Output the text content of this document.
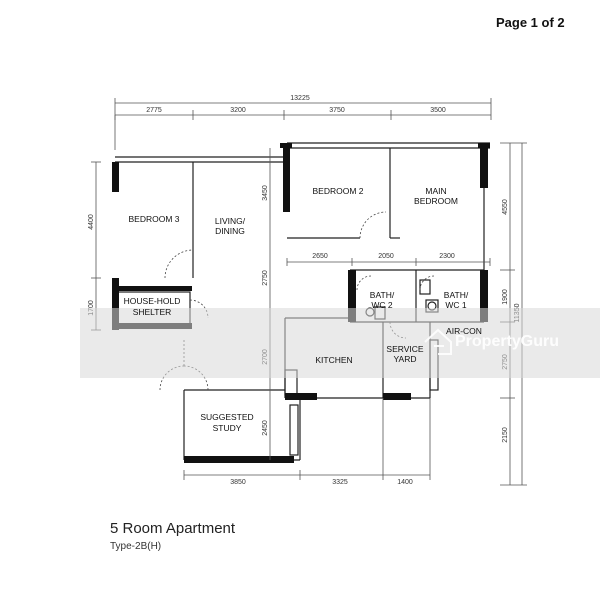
Page 1 of 2
13225
2775	3200	3750	3500
4550
1900
2150
4400
3450
2750
2450
2650	2050	2300
3850	3325	1400
PropertyGuru
BEDROOM 3	LIVING/
DINING
BEDROOM 2	MAIN
BEDROOM
HOUSE-HOLD
SHELTER
BATH/
WC 2
BATH/
WC 1
AIR-CON
KITCHEN
SERVICE
YARD
SUGGESTED
STUDY
5 Room Apartment
Type-2B(H)
